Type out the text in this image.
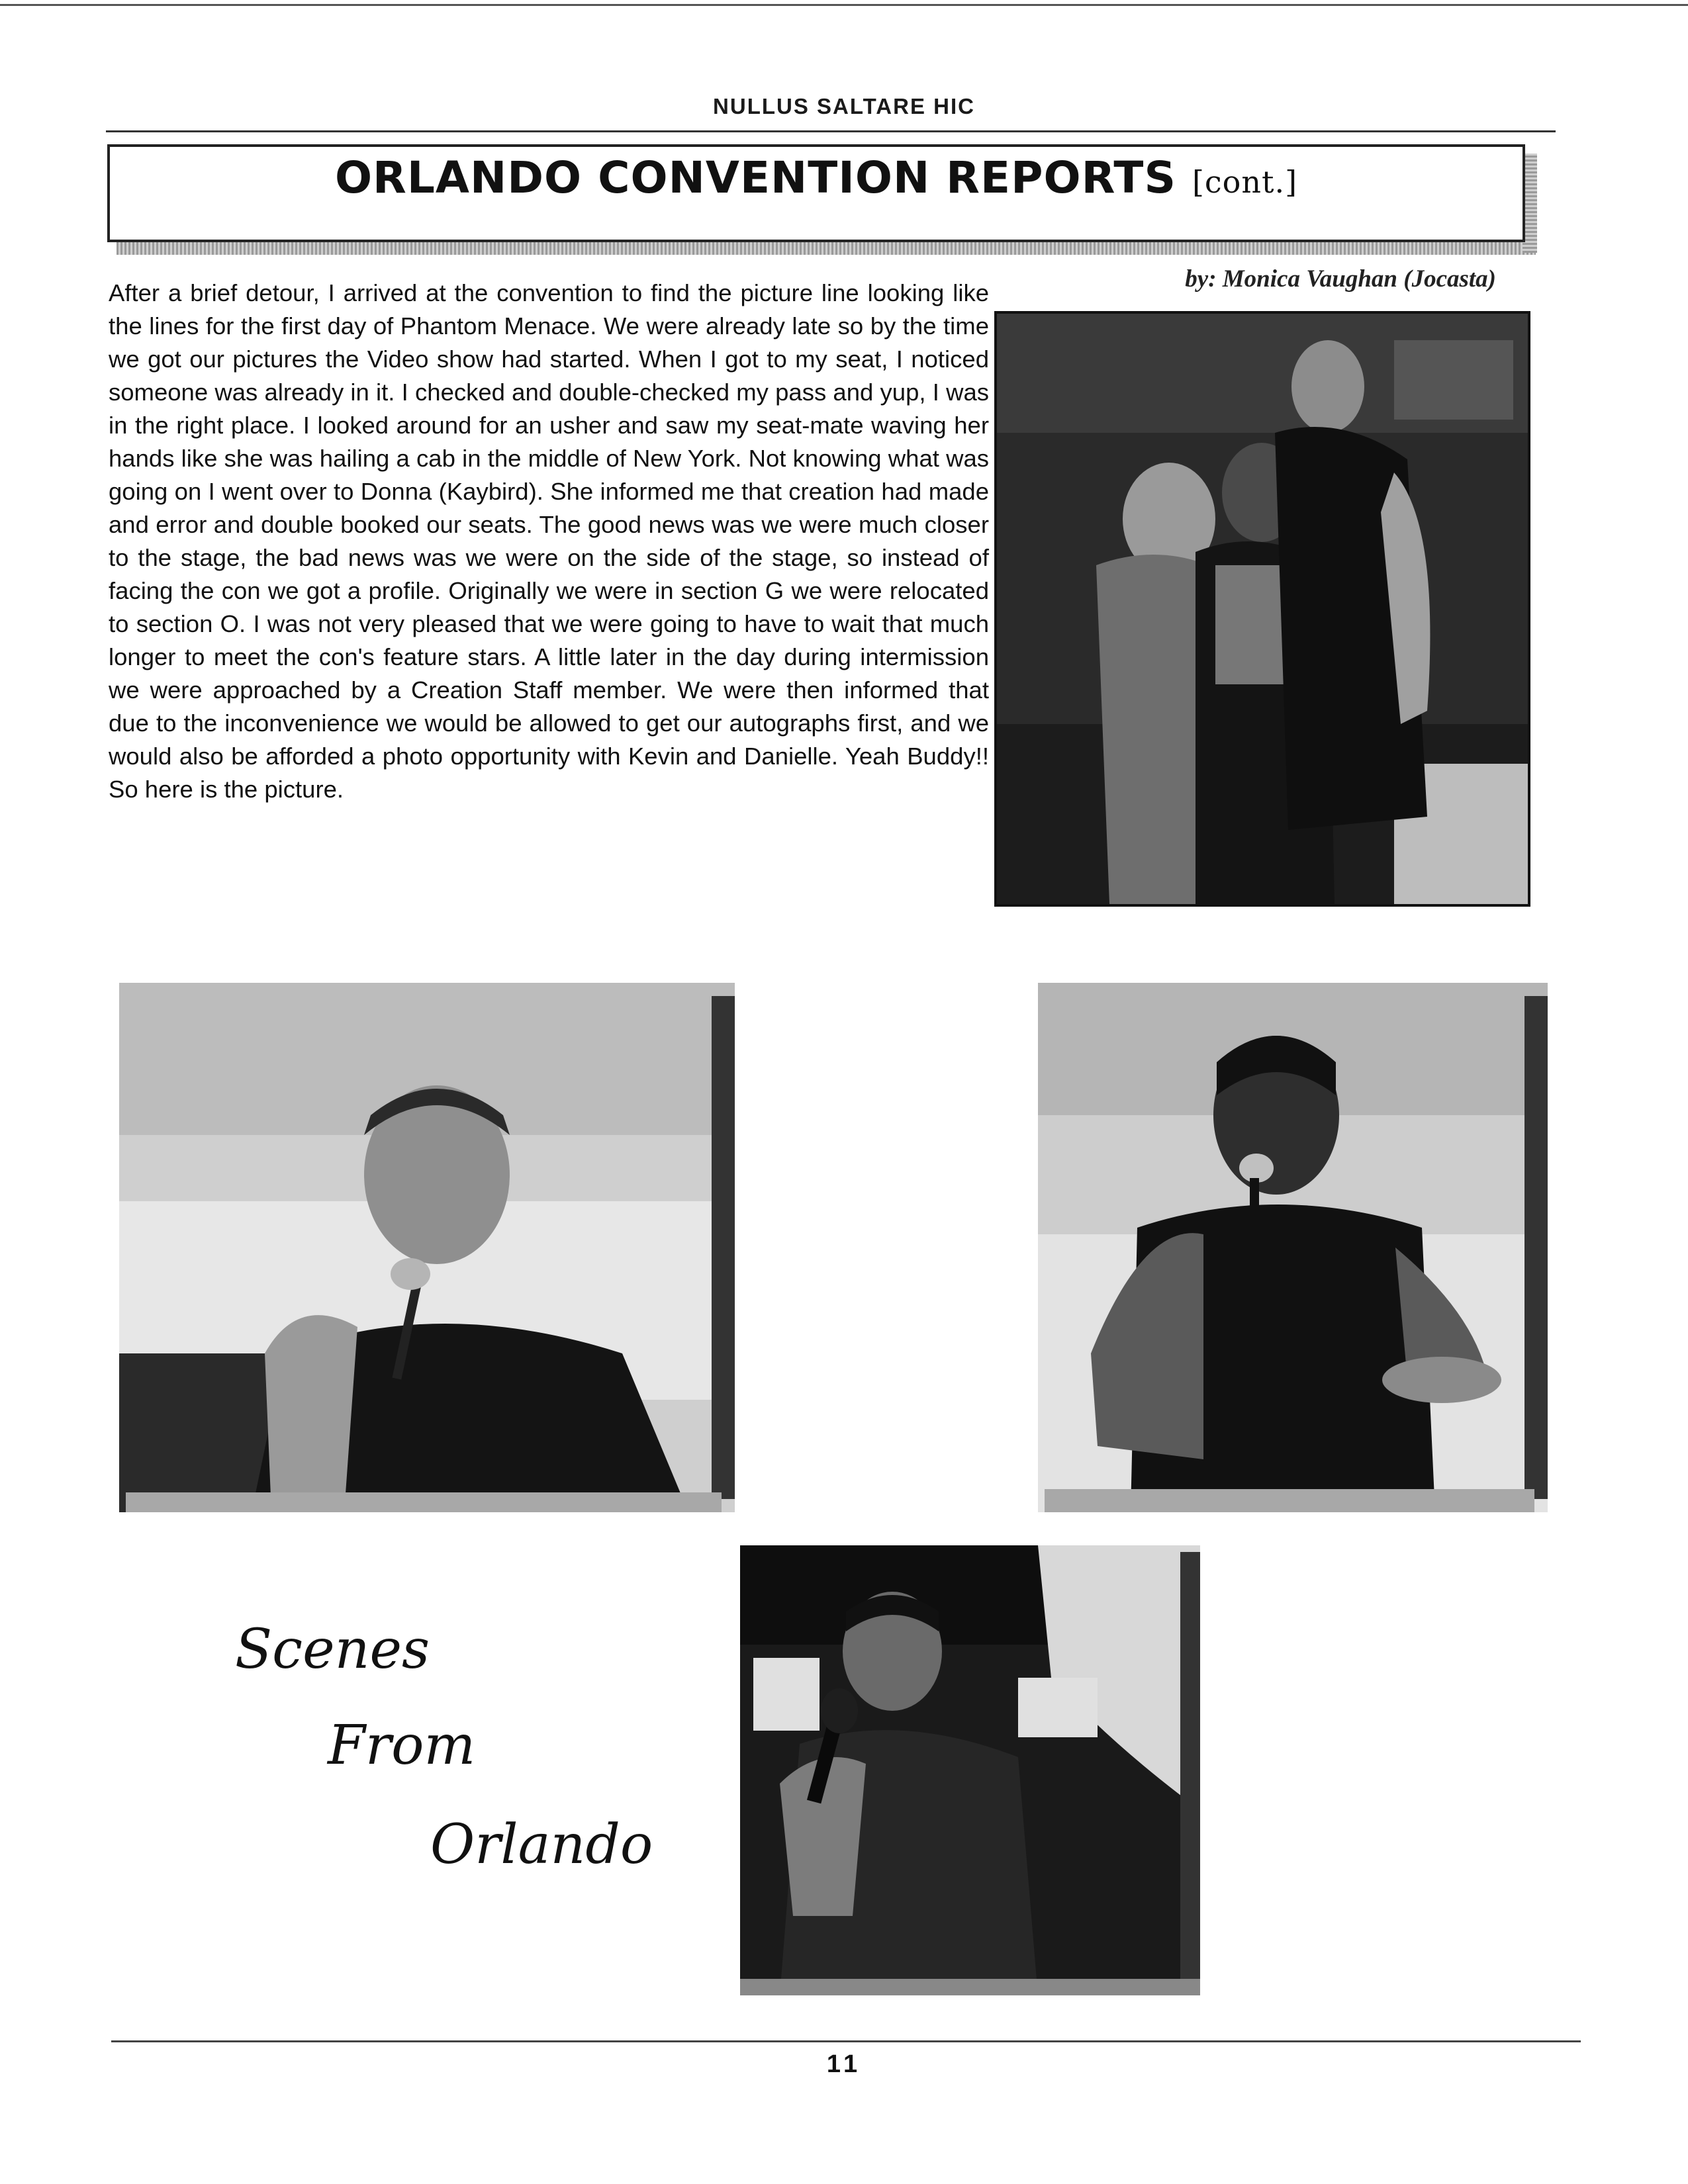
NULLUS SALTARE HIC
ORLANDO CONVENTION REPORTS [cont.]
by: Monica Vaughan (Jocasta)
After a brief detour, I arrived at the convention to find the picture line looking like the lines for the first day of Phantom Menace. We were already late so by the time we got our pictures the Video show had started. When I got to my seat, I noticed someone was already in it. I checked and double-checked my pass and yup, I was in the right place. I looked around for an usher and saw my seat-mate waving her hands like she was hailing a cab in the middle of New York. Not knowing what was going on I went over to Donna (Kaybird). She informed me that creation had made and error and double booked our seats. The good news was we were much closer to the stage, the bad news was we were on the side of the stage, so instead of facing the con we got a profile. Originally we were in section G we were relocated to section O. I was not very pleased that we were going to have to wait that much longer to meet the con's feature stars. A little later in the day during intermission we were approached by a Creation Staff member. We were then informed that due to the inconvenience we would be allowed to get our autographs first, and we would also be afforded a photo opportunity with Kevin and Danielle. Yeah Buddy!! So here is the picture.
Scenes
From
Orlando
11
